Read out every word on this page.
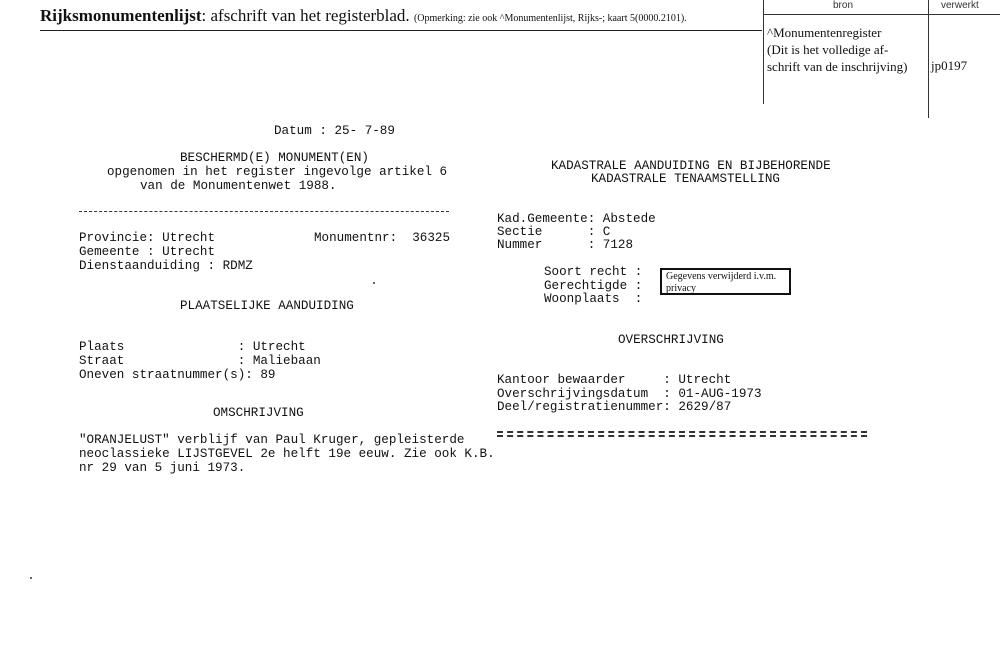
Rijksmonumentenlijst: afschrift van het registerblad. (Opmerking: zie ook ^Monumentenlijst, Rijks-; kaart 5(0000.2101).
bron	verwerkt
^Monumentenregister
(Dit is het volledige af-
schrift van de inschrijving) jp0197
Datum : 25- 7-89
BESCHERMD(E) MONUMENT(EN)
opgenomen in het register ingevolge artikel 6
van de Monumentenwet 1988.
Provincie: Utrecht	Monumentnr:  36325
Gemeente : Utrecht
Dienstaanduiding : RDMZ
PLAATSELIJKE AANDUIDING
Plaats               : Utrecht
Straat               : Maliebaan
Oneven straatnummer(s): 89
OMSCHRIJVING
"ORANJELUST" verblijf van Paul Kruger, gepleisterde
neoclassieke LIJSTGEVEL 2e helft 19e eeuw. Zie ook K.B.
nr 29 van 5 juni 1973.
KADASTRALE AANDUIDING EN BIJBEHORENDE
KADASTRALE TENAAMSTELLING
Kad.Gemeente: Abstede
Sectie      : C
Nummer      : 7128
Soort recht :
Gerechtigde :
Woonplaats  :
Gegevens verwijderd i.v.m.
privacy
OVERSCHRIJVING
Kantoor bewaarder     : Utrecht
Overschrijvingsdatum  : 01-AUG-1973
Deel/registratienummer: 2629/87
